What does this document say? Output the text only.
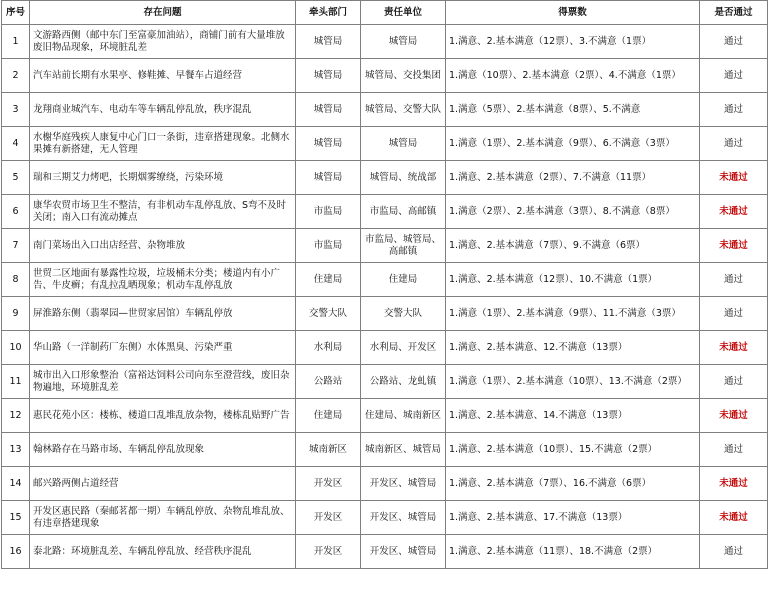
序号	存在问题	牵头部门	责任单位	得票数	是否通过
1	文游路西侧（邮中东门至富豪加油站），商铺门前有大量堆放废旧物品现象，环境脏乱差	城管局	城管局	1.满意、2.基本满意（12票）、3.不满意（1票）	通过
2	汽车站前长期有水果亭、修鞋摊、早餐车占道经营	城管局	城管局、交投集团	1.满意（10票）、2.基本满意（2票）、4.不满意（1票）	通过
3	龙翔商业城汽车、电动车等车辆乱停乱放，秩序混乱	城管局	城管局、交警大队	1.满意（5票）、2.基本满意（8票）、5.不满意	通过
4	水榭华庭残疾人康复中心门口一条街，违章搭建现象。北侧水果摊有新搭建，无人管理	城管局	城管局	1.满意（1票）、2.基本满意（9票）、6.不满意（3票）	通过
5	瑞和三期艾力烤吧，长期烟雾缭绕，污染环境	城管局	城管局、统战部	1.满意、2.基本满意（2票）、7.不满意（11票）	未通过
6	康华农贸市场卫生不整洁，有非机动车乱停乱放、S弯不及时关闭；南入口有流动摊点	市监局	市监局、高邮镇	1.满意（2票）、2.基本满意（3票）、8.不满意（8票）	未通过
7	南门菜场出入口出店经营、杂物堆放	市监局	市监局、城管局、高邮镇	1.满意、2.基本满意（7票）、9.不满意（6票）	未通过
8	世贸二区地面有暴露性垃圾，垃圾桶未分类；楼道内有小广告、牛皮癣；有乱拉乱晒现象；机动车乱停乱放	住建局	住建局	1.满意、2.基本满意（12票）、10.不满意（1票）	通过
9	屏淮路东侧（翡翠园—世贸家居馆）车辆乱停放	交警大队	交警大队	1.满意（1票）、2.基本满意（9票）、11.不满意（3票）	通过
10	华山路（一洋制药厂东侧）水体黑臭、污染严重	水利局	水利局、开发区	1.满意、2.基本满意、12.不满意（13票）	未通过
11	城市出入口形象整治（富裕达饲料公司向东至澄营线，废旧杂物遍地，环境脏乱差	公路站	公路站、龙虬镇	1.满意（1票）、2.基本满意（10票）、13.不满意（2票）	通过
12	惠民花苑小区：楼栋、楼道口乱堆乱放杂物，楼栋乱贴野广告	住建局	住建局、城南新区	1.满意、2.基本满意、14.不满意（13票）	未通过
13	翰林路存在马路市场、车辆乱停乱放现象	城南新区	城南新区、城管局	1.满意、2.基本满意（10票）、15.不满意（2票）	通过
14	邮兴路两侧占道经营	开发区	开发区、城管局	1.满意、2.基本满意（7票）、16.不满意（6票）	未通过
15	开发区惠民路（秦邮茗都一期）车辆乱停放、杂物乱堆乱放、有违章搭建现象	开发区	开发区、城管局	1.满意、2.基本满意、17.不满意（13票）	未通过
16	泰北路：环境脏乱差、车辆乱停乱放、经营秩序混乱	开发区	开发区、城管局	1.满意、2.基本满意（11票）、18.不满意（2票）	通过
